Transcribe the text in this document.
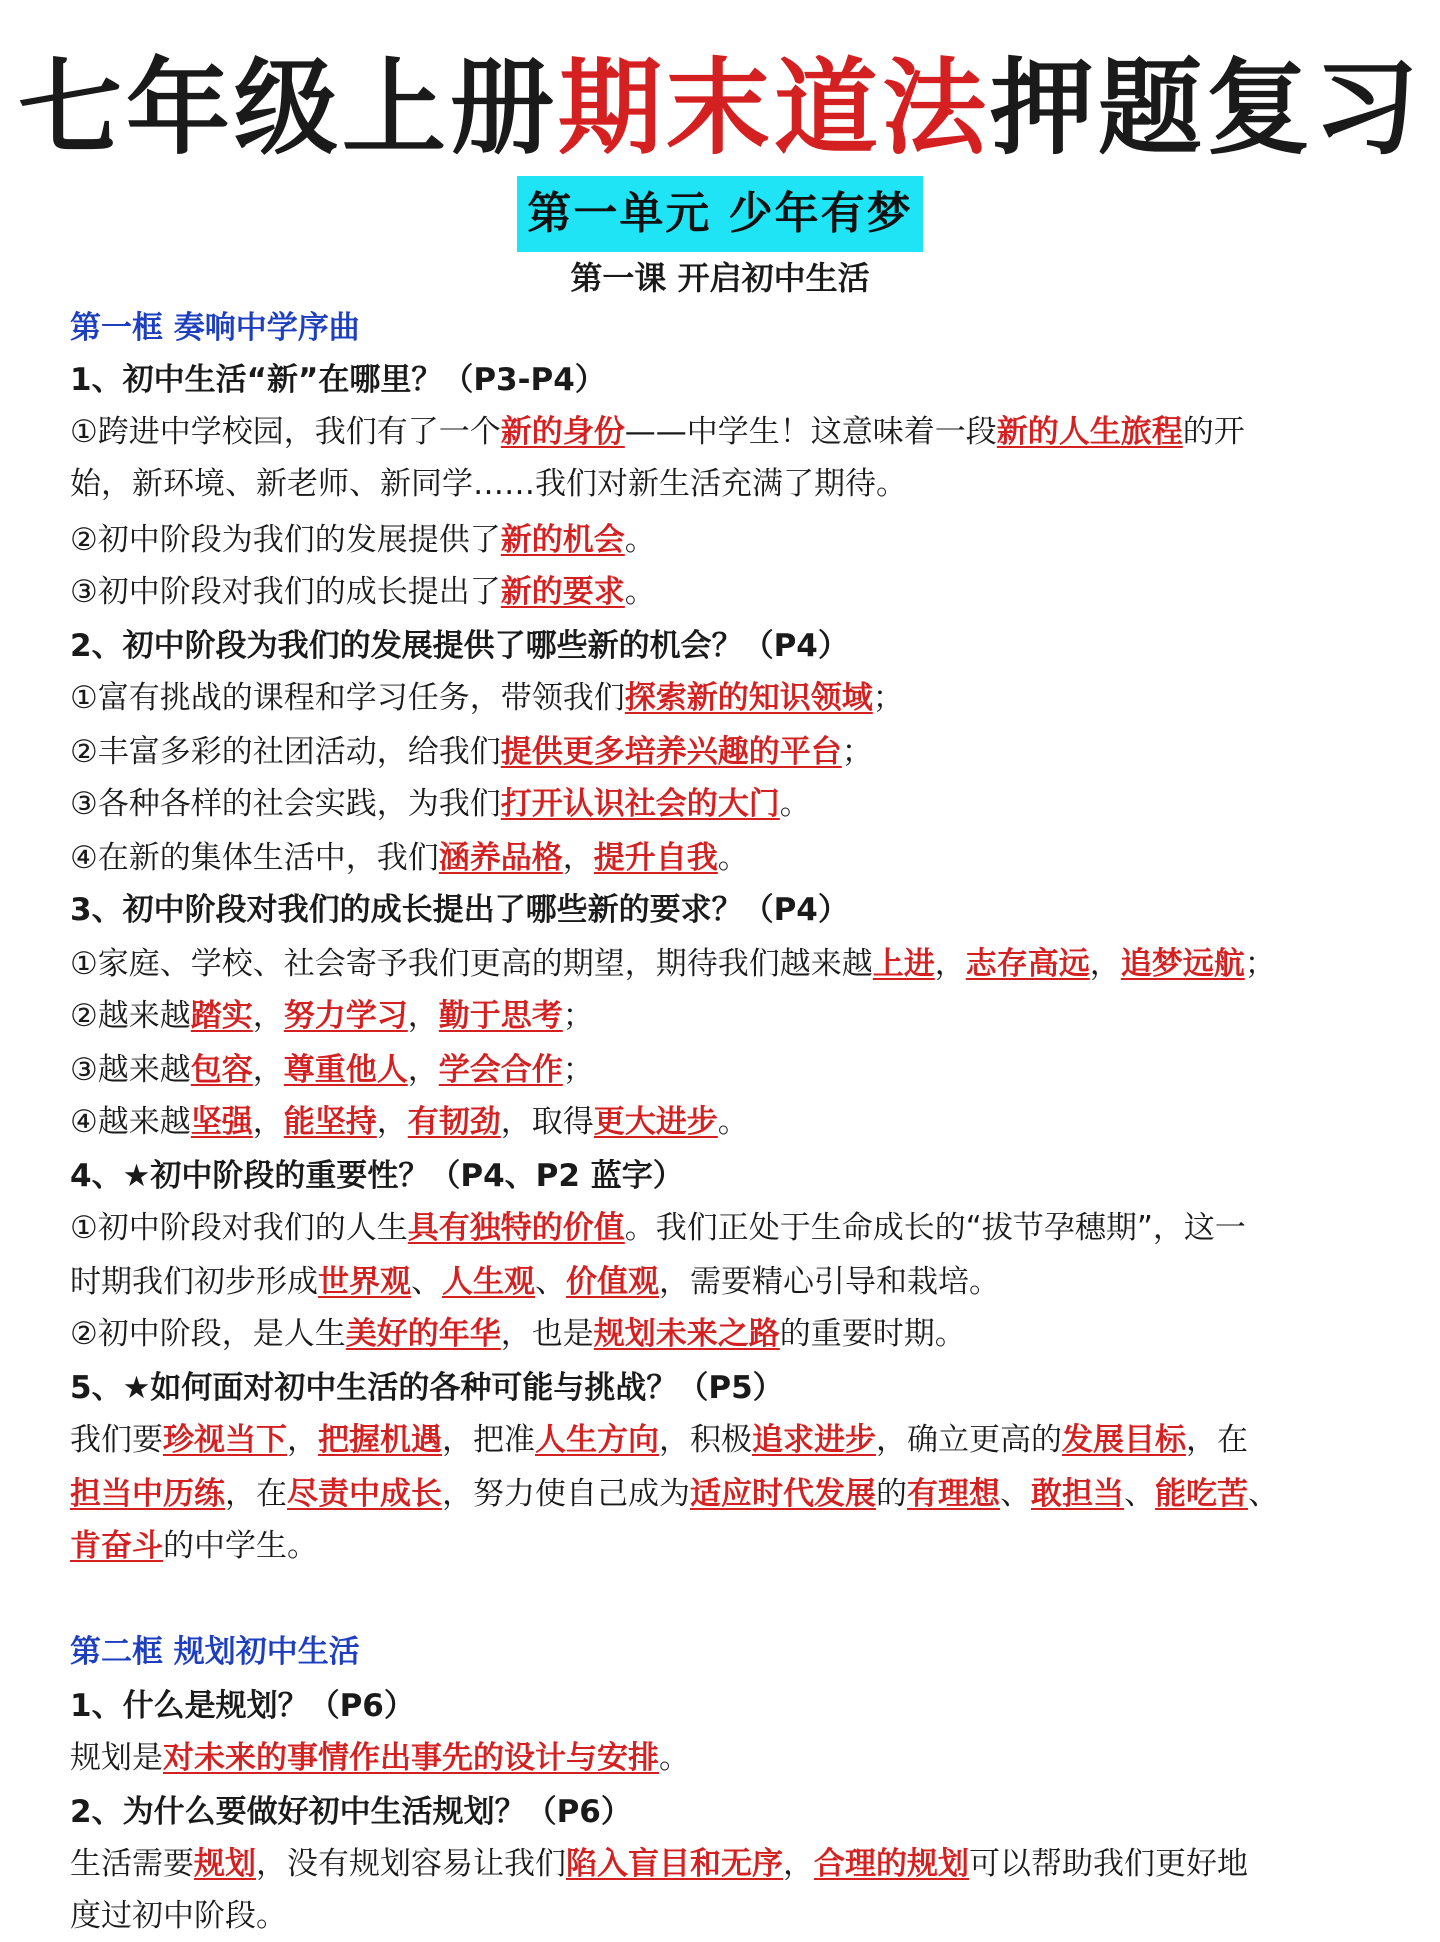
七年级上册期末道法押题复习
第一单元 少年有梦
第一课 开启初中生活
第一框 奏响中学序曲
1、初中生活“新”在哪里？（P3-P4）
①跨进中学校园，我们有了一个新的身份——中学生！这意味着一段新的人生旅程的开
始，新环境、新老师、新同学……我们对新生活充满了期待。
②初中阶段为我们的发展提供了新的机会。
③初中阶段对我们的成长提出了新的要求。
2、初中阶段为我们的发展提供了哪些新的机会？（P4）
①富有挑战的课程和学习任务，带领我们探索新的知识领域；
②丰富多彩的社团活动，给我们提供更多培养兴趣的平台；
③各种各样的社会实践，为我们打开认识社会的大门。
④在新的集体生活中，我们涵养品格，提升自我。
3、初中阶段对我们的成长提出了哪些新的要求？（P4）
①家庭、学校、社会寄予我们更高的期望，期待我们越来越上进，志存高远，追梦远航；
②越来越踏实，努力学习，勤于思考；
③越来越包容，尊重他人，学会合作；
④越来越坚强，能坚持，有韧劲，取得更大进步。
4、★初中阶段的重要性？（P4、P2 蓝字）
①初中阶段对我们的人生具有独特的价值。我们正处于生命成长的“拔节孕穗期”，这一
时期我们初步形成世界观、人生观、价值观，需要精心引导和栽培。
②初中阶段，是人生美好的年华，也是规划未来之路的重要时期。
5、★如何面对初中生活的各种可能与挑战？（P5）
我们要珍视当下，把握机遇，把准人生方向，积极追求进步，确立更高的发展目标，在
担当中历练，在尽责中成长，努力使自己成为适应时代发展的有理想、敢担当、能吃苦、
肯奋斗的中学生。
第二框 规划初中生活
1、什么是规划？（P6）
规划是对未来的事情作出事先的设计与安排。
2、为什么要做好初中生活规划？（P6）
生活需要规划，没有规划容易让我们陷入盲目和无序，合理的规划可以帮助我们更好地
度过初中阶段。
